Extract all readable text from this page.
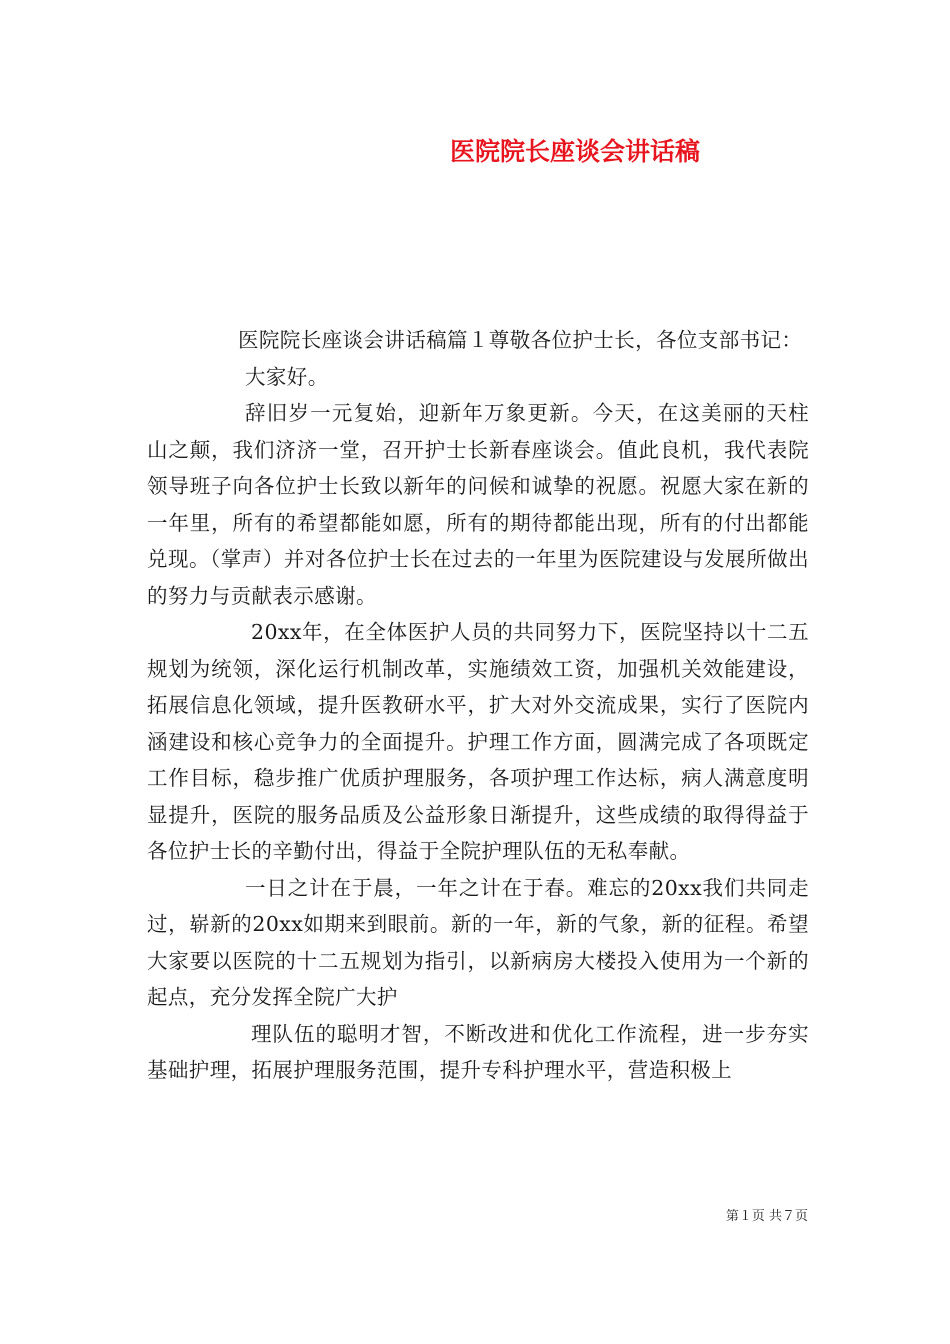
医院院长座谈会讲话稿

医院院长座谈会讲话稿篇１尊敬各位护士长，各位支部书记：

大家好。

辞旧岁一元复始，迎新年万象更新。今天，在这美丽的天柱山之颠，我们济济一堂，召开护士长新春座谈会。值此良机，我代表院领导班子向各位护士长致以新年的问候和诚挚的祝愿。祝愿大家在新的一年里，所有的希望都能如愿，所有的期待都能出现，所有的付出都能兑现。（掌声）并对各位护士长在过去的一年里为医院建设与发展所做出的努力与贡献表示感谢。

20xx年，在全体医护人员的共同努力下，医院坚持以十二五规划为统领，深化运行机制改革，实施绩效工资，加强机关效能建设，拓展信息化领域，提升医教研水平，扩大对外交流成果，实行了医院内涵建设和核心竞争力的全面提升。护理工作方面，圆满完成了各项既定工作目标，稳步推广优质护理服务，各项护理工作达标，病人满意度明显提升，医院的服务品质及公益形象日渐提升，这些成绩的取得得益于各位护士长的辛勤付出，得益于全院护理队伍的无私奉献。

一日之计在于晨，一年之计在于春。难忘的20xx我们共同走过，崭新的20xx如期来到眼前。新的一年，新的气象，新的征程。希望大家要以医院的十二五规划为指引，以新病房大楼投入使用为一个新的起点，充分发挥全院广大护

理队伍的聪明才智，不断改进和优化工作流程，进一步夯实基础护理，拓展护理服务范围，提升专科护理水平，营造积极上

第１页 共７页
